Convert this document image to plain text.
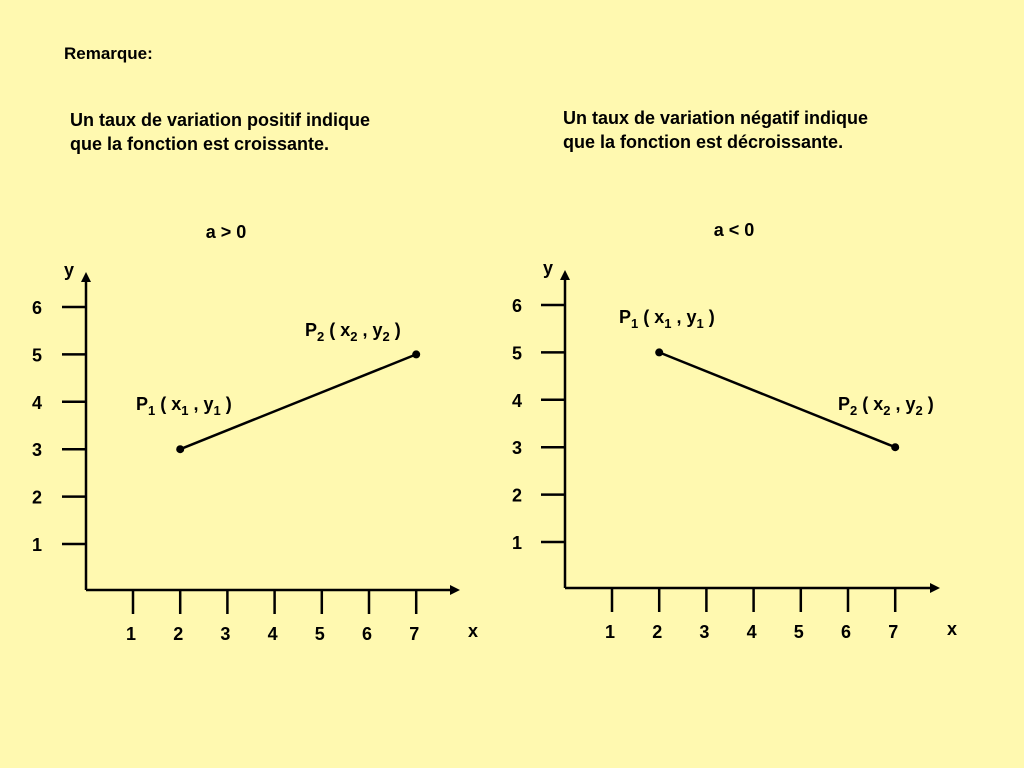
Remarque:
Un taux de variation positif indique que la fonction est croissante.
Un taux de variation négatif indique que la fonction est décroissante.
a > 0
x
y
1 2 3 4 5 6 7
1
2
3
4
5
6
$P_1$ ( $x_1$ , $y_1$ )
$P_2$ ( $x_2$ , $y_2$ )
a < 0
x
y
1 2 3 4 5 6 7
1
2
3
4
5
6
$P_1$ ( $x_1$ , $y_1$ )
$P_2$ ( $x_2$ , $y_2$ )
